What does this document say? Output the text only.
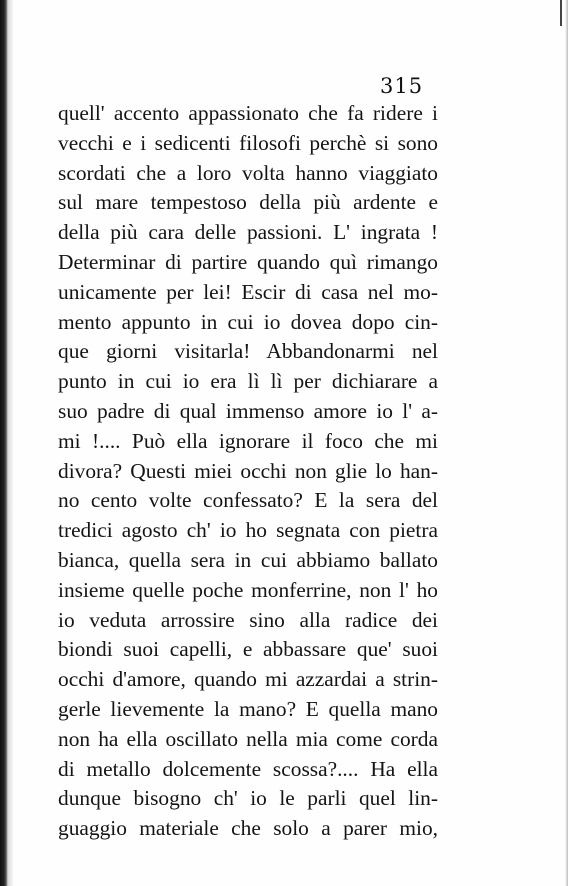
315
quell' accento appassionato che fa ridere i
vecchi e i sedicenti filosofi perchè si sono
scordati che a loro volta hanno viaggiato
sul mare tempestoso della più ardente e
della più cara delle passioni. L' ingrata !
Determinar di partire quando quì rimango
unicamente per lei! Escir di casa nel mo-
mento appunto in cui io dovea dopo cin-
que giorni visitarla! Abbandonarmi nel
punto in cui io era lì lì per dichiarare a
suo padre di qual immenso amore io l' a-
mi !.... Può ella ignorare il foco che mi
divora? Questi miei occhi non glie lo han-
no cento volte confessato? E la sera del
tredici agosto ch' io ho segnata con pietra
bianca, quella sera in cui abbiamo ballato
insieme quelle poche monferrine, non l' ho
io veduta arrossire sino alla radice dei
biondi suoi capelli, e abbassare que' suoi
occhi d'amore, quando mi azzardai a strin-
gerle lievemente la mano? E quella mano
non ha ella oscillato nella mia come corda
di metallo dolcemente scossa?.... Ha ella
dunque bisogno ch' io le parli quel lin-
guaggio materiale che solo a parer mio,
